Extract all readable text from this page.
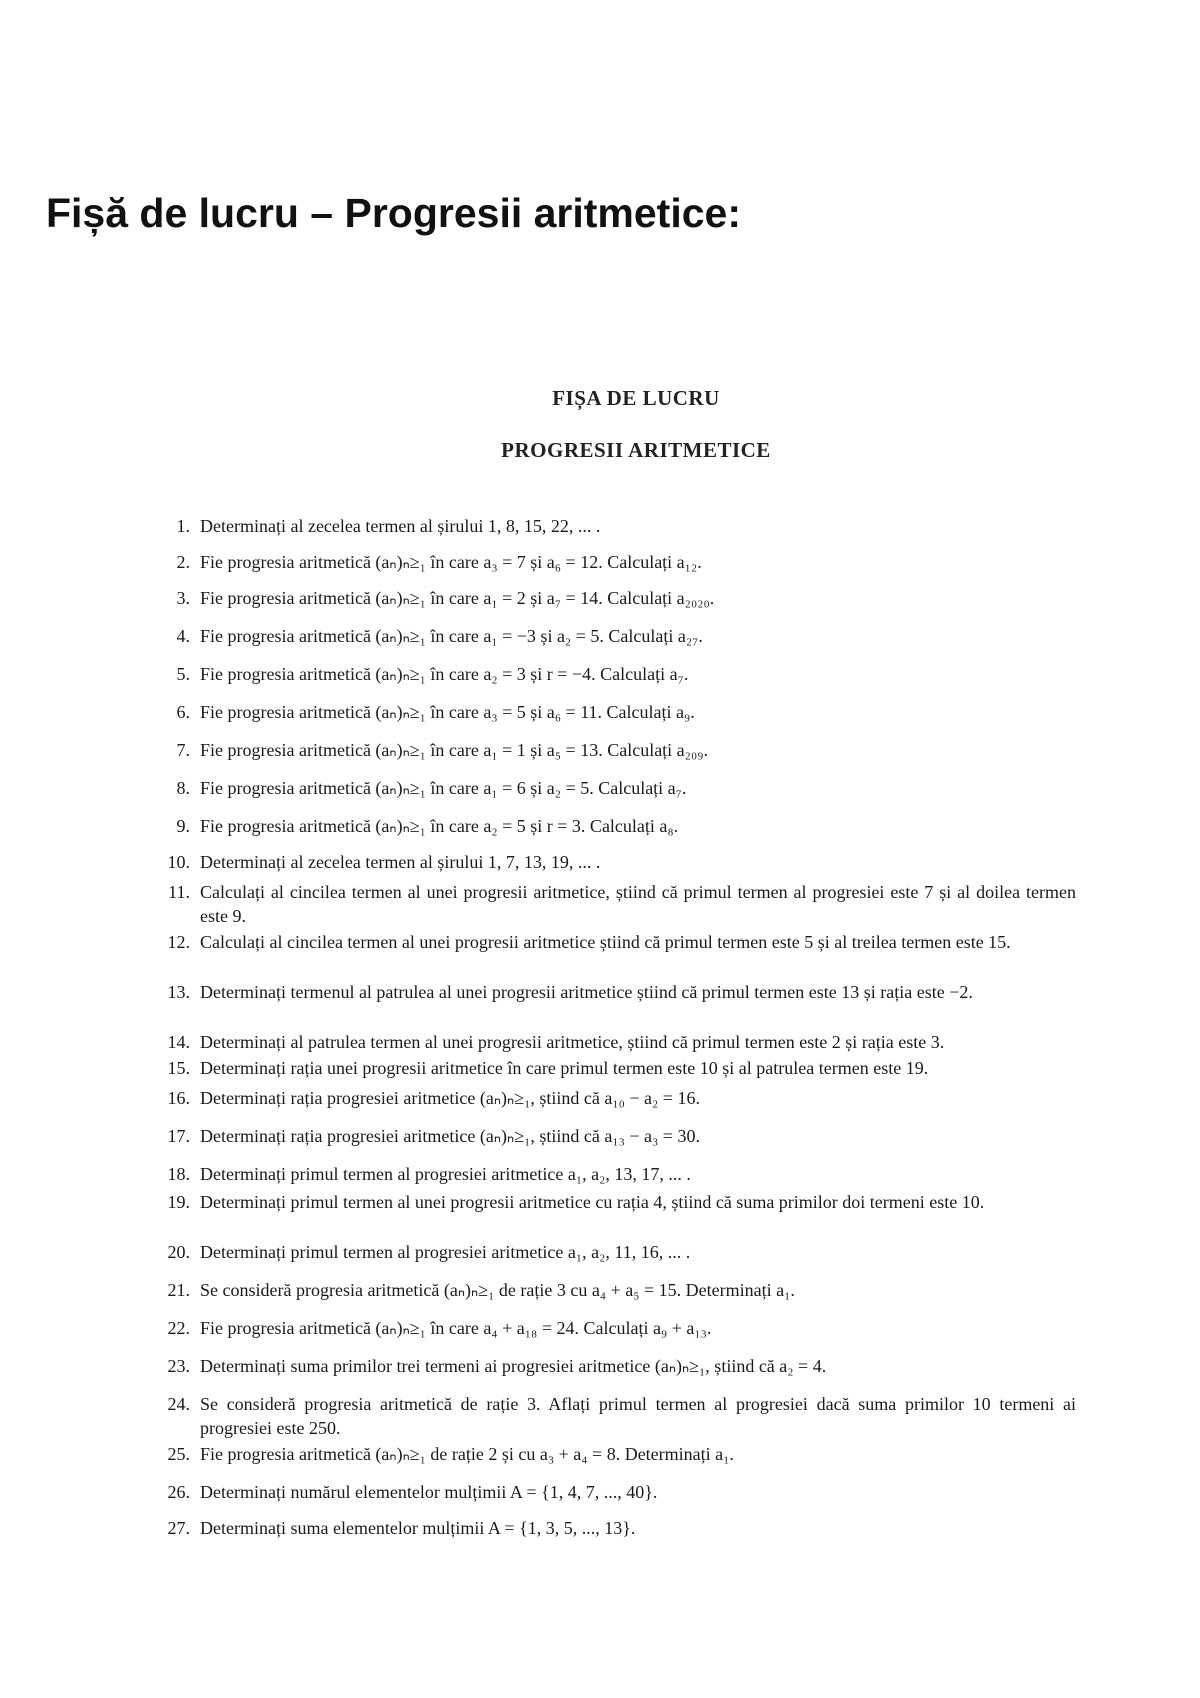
Fișă de lucru – Progresii aritmetice:
FIȘA DE LUCRU
PROGRESII ARITMETICE
1. Determinați al zecelea termen al șirului 1, 8, 15, 22, ... .
2. Fie progresia aritmetică (aₙ)ₙ≥₁ în care a₃ = 7 și a₆ = 12. Calculați a₁₂.
3. Fie progresia aritmetică (aₙ)ₙ≥₁ în care a₁ = 2 și a₇ = 14. Calculați a₂₀₂₀.
4. Fie progresia aritmetică (aₙ)ₙ≥₁ în care a₁ = −3 și a₂ = 5. Calculați a₂₇.
5. Fie progresia aritmetică (aₙ)ₙ≥₁ în care a₂ = 3 și r = −4. Calculați a₇.
6. Fie progresia aritmetică (aₙ)ₙ≥₁ în care a₃ = 5 și a₆ = 11. Calculați a₉.
7. Fie progresia aritmetică (aₙ)ₙ≥₁ în care a₁ = 1 și a₅ = 13. Calculați a₂₀₉.
8. Fie progresia aritmetică (aₙ)ₙ≥₁ în care a₁ = 6 și a₂ = 5. Calculați a₇.
9. Fie progresia aritmetică (aₙ)ₙ≥₁ în care a₂ = 5 și r = 3. Calculați a₈.
10. Determinați al zecelea termen al șirului 1, 7, 13, 19, ... .
11. Calculați al cincilea termen al unei progresii aritmetice, știind că primul termen al progresiei este 7 și al doilea termen este 9.
12. Calculați al cincilea termen al unei progresii aritmetice știind că primul termen este 5 și al treilea termen este 15.
13. Determinați termenul al patrulea al unei progresii aritmetice știind că primul termen este 13 și rația este −2.
14. Determinați al patrulea termen al unei progresii aritmetice, știind că primul termen este 2 și rația este 3.
15. Determinați rația unei progresii aritmetice în care primul termen este 10 și al patrulea termen este 19.
16. Determinați rația progresiei aritmetice (aₙ)ₙ≥₁, știind că a₁₀ − a₂ = 16.
17. Determinați rația progresiei aritmetice (aₙ)ₙ≥₁, știind că a₁₃ − a₃ = 30.
18. Determinați primul termen al progresiei aritmetice a₁, a₂, 13, 17, ... .
19. Determinați primul termen al unei progresii aritmetice cu rația 4, știind că suma primilor doi termeni este 10.
20. Determinați primul termen al progresiei aritmetice a₁, a₂, 11, 16, ... .
21. Se consideră progresia aritmetică (aₙ)ₙ≥₁ de rație 3 cu a₄ + a₅ = 15. Determinați a₁.
22. Fie progresia aritmetică (aₙ)ₙ≥₁ în care a₄ + a₁₈ = 24. Calculați a₉ + a₁₃.
23. Determinați suma primilor trei termeni ai progresiei aritmetice (aₙ)ₙ≥₁, știind că a₂ = 4.
24. Se consideră progresia aritmetică de rație 3. Aflați primul termen al progresiei dacă suma primilor 10 termeni ai progresiei este 250.
25. Fie progresia aritmetică (aₙ)ₙ≥₁ de rație 2 și cu a₃ + a₄ = 8. Determinați a₁.
26. Determinați numărul elementelor mulțimii A = {1, 4, 7, ..., 40}.
27. Determinați suma elementelor mulțimii A = {1, 3, 5, ..., 13}.
